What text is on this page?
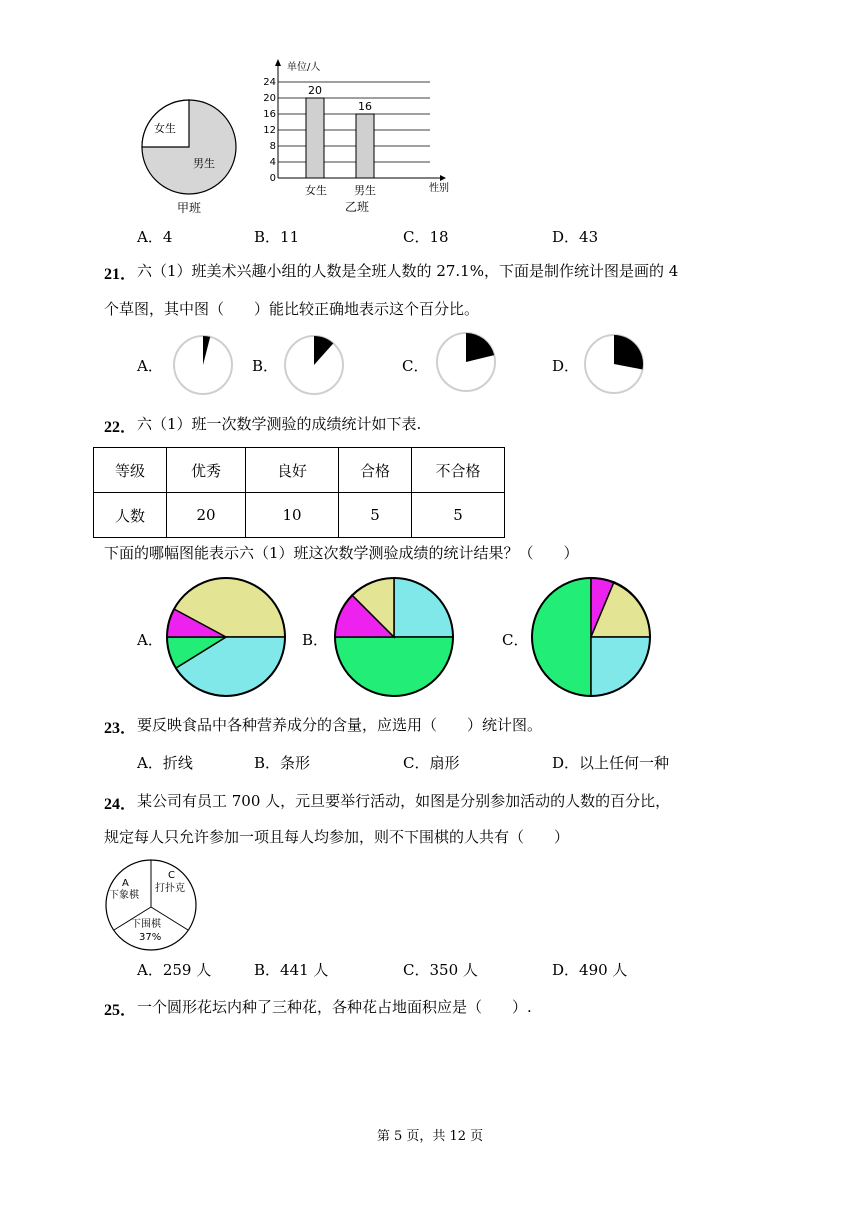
女生
男生
甲班
单位/人
24
20
16
12
8
4
0
20
16
女生 男生	性别
乙班
A．4	B．11	C．18	D．43
21． 六（1）班美术兴趣小组的人数是全班人数的 27.1%，下面是制作统计图是画的 4
个草图，其中图（　　）能比较正确地表示这个百分比。
A．	B．	C．	D．
22． 六（1）班一次数学测验的成绩统计如下表.
等级	优秀	良好	合格	不合格
人数	20	10	5	5
下面的哪幅图能表示六（1）班这次数学测验成绩的统计结果？（　　）
A．	B．	C．
23． 要反映食品中各种营养成分的含量，应选用（　　）统计图。
A．折线	B．条形	C．扇形	D．以上任何一种
24． 某公司有员工 700 人，元旦要举行活动，如图是分别参加活动的人数的百分比，
规定每人只允许参加一项且每人均参加，则不下围棋的人共有（　　）
A
下象棋
C
打扑克
下围棋
37%
A．259 人	B．441 人	C．350 人	D．490 人
25． 一个圆形花坛内种了三种花，各种花占地面积应是（　　）.
第 5 页，共 12 页
